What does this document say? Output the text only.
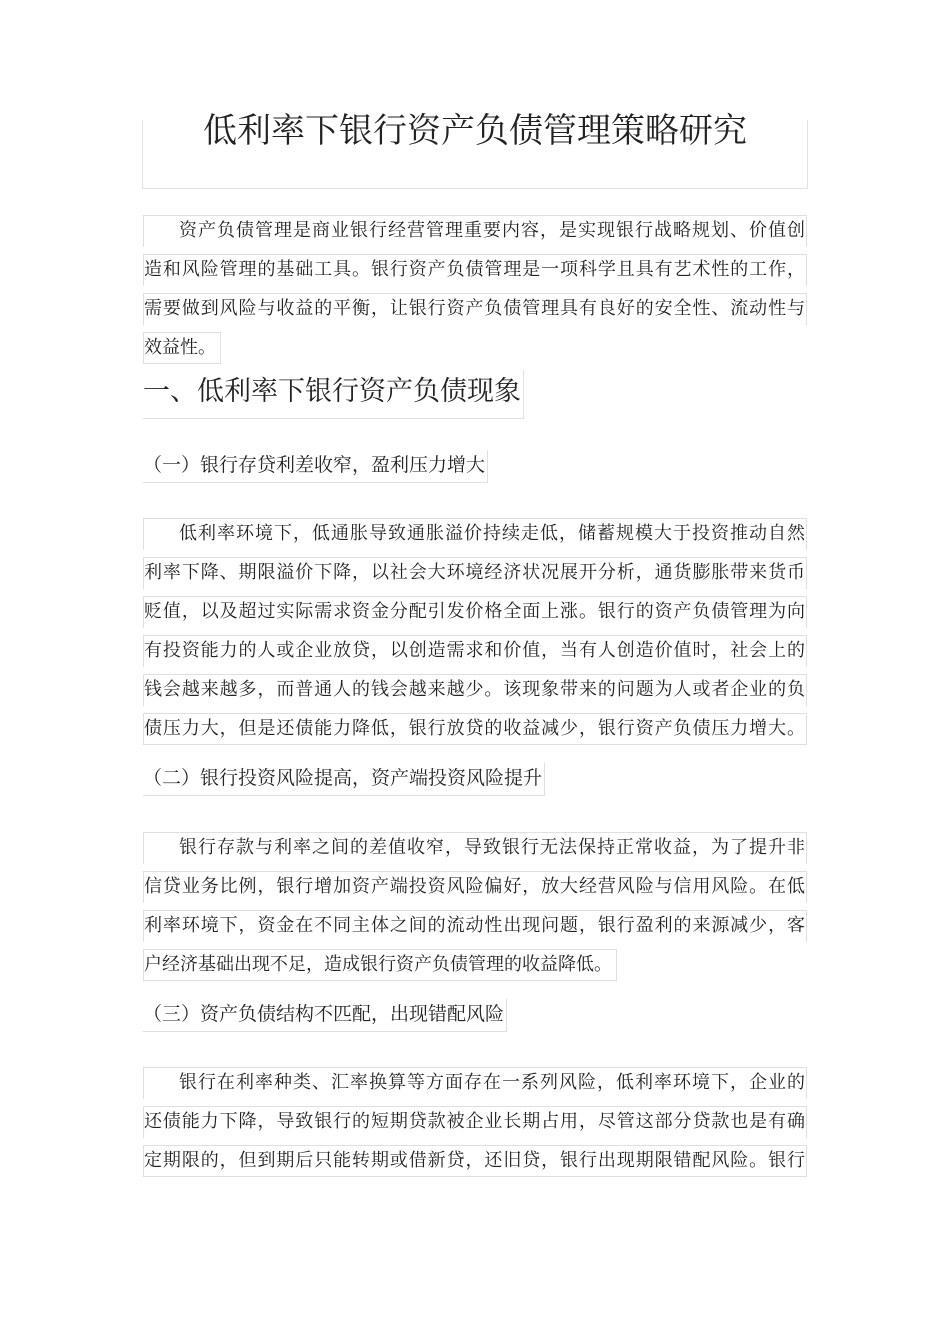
低利率下银行资产负债管理策略研究
资产负债管理是商业银行经营管理重要内容，是实现银行战略规划、价值创
造和风险管理的基础工具。银行资产负债管理是一项科学且具有艺术性的工作，
需要做到风险与收益的平衡，让银行资产负债管理具有良好的安全性、流动性与
效益性。
一、低利率下银行资产负债现象
（一）银行存贷利差收窄，盈利压力增大
低利率环境下，低通胀导致通胀溢价持续走低，储蓄规模大于投资推动自然
利率下降、期限溢价下降，以社会大环境经济状况展开分析，通货膨胀带来货币
贬值，以及超过实际需求资金分配引发价格全面上涨。银行的资产负债管理为向
有投资能力的人或企业放贷，以创造需求和价值，当有人创造价值时，社会上的
钱会越来越多，而普通人的钱会越来越少。该现象带来的问题为人或者企业的负
债压力大，但是还债能力降低，银行放贷的收益减少，银行资产负债压力增大。
（二）银行投资风险提高，资产端投资风险提升
银行存款与利率之间的差值收窄，导致银行无法保持正常收益，为了提升非
信贷业务比例，银行增加资产端投资风险偏好，放大经营风险与信用风险。在低
利率环境下，资金在不同主体之间的流动性出现问题，银行盈利的来源减少，客
户经济基础出现不足，造成银行资产负债管理的收益降低。
（三）资产负债结构不匹配，出现错配风险
银行在利率种类、汇率换算等方面存在一系列风险，低利率环境下，企业的
还债能力下降，导致银行的短期贷款被企业长期占用，尽管这部分贷款也是有确
定期限的，但到期后只能转期或借新贷，还旧贷，银行出现期限错配风险。银行
